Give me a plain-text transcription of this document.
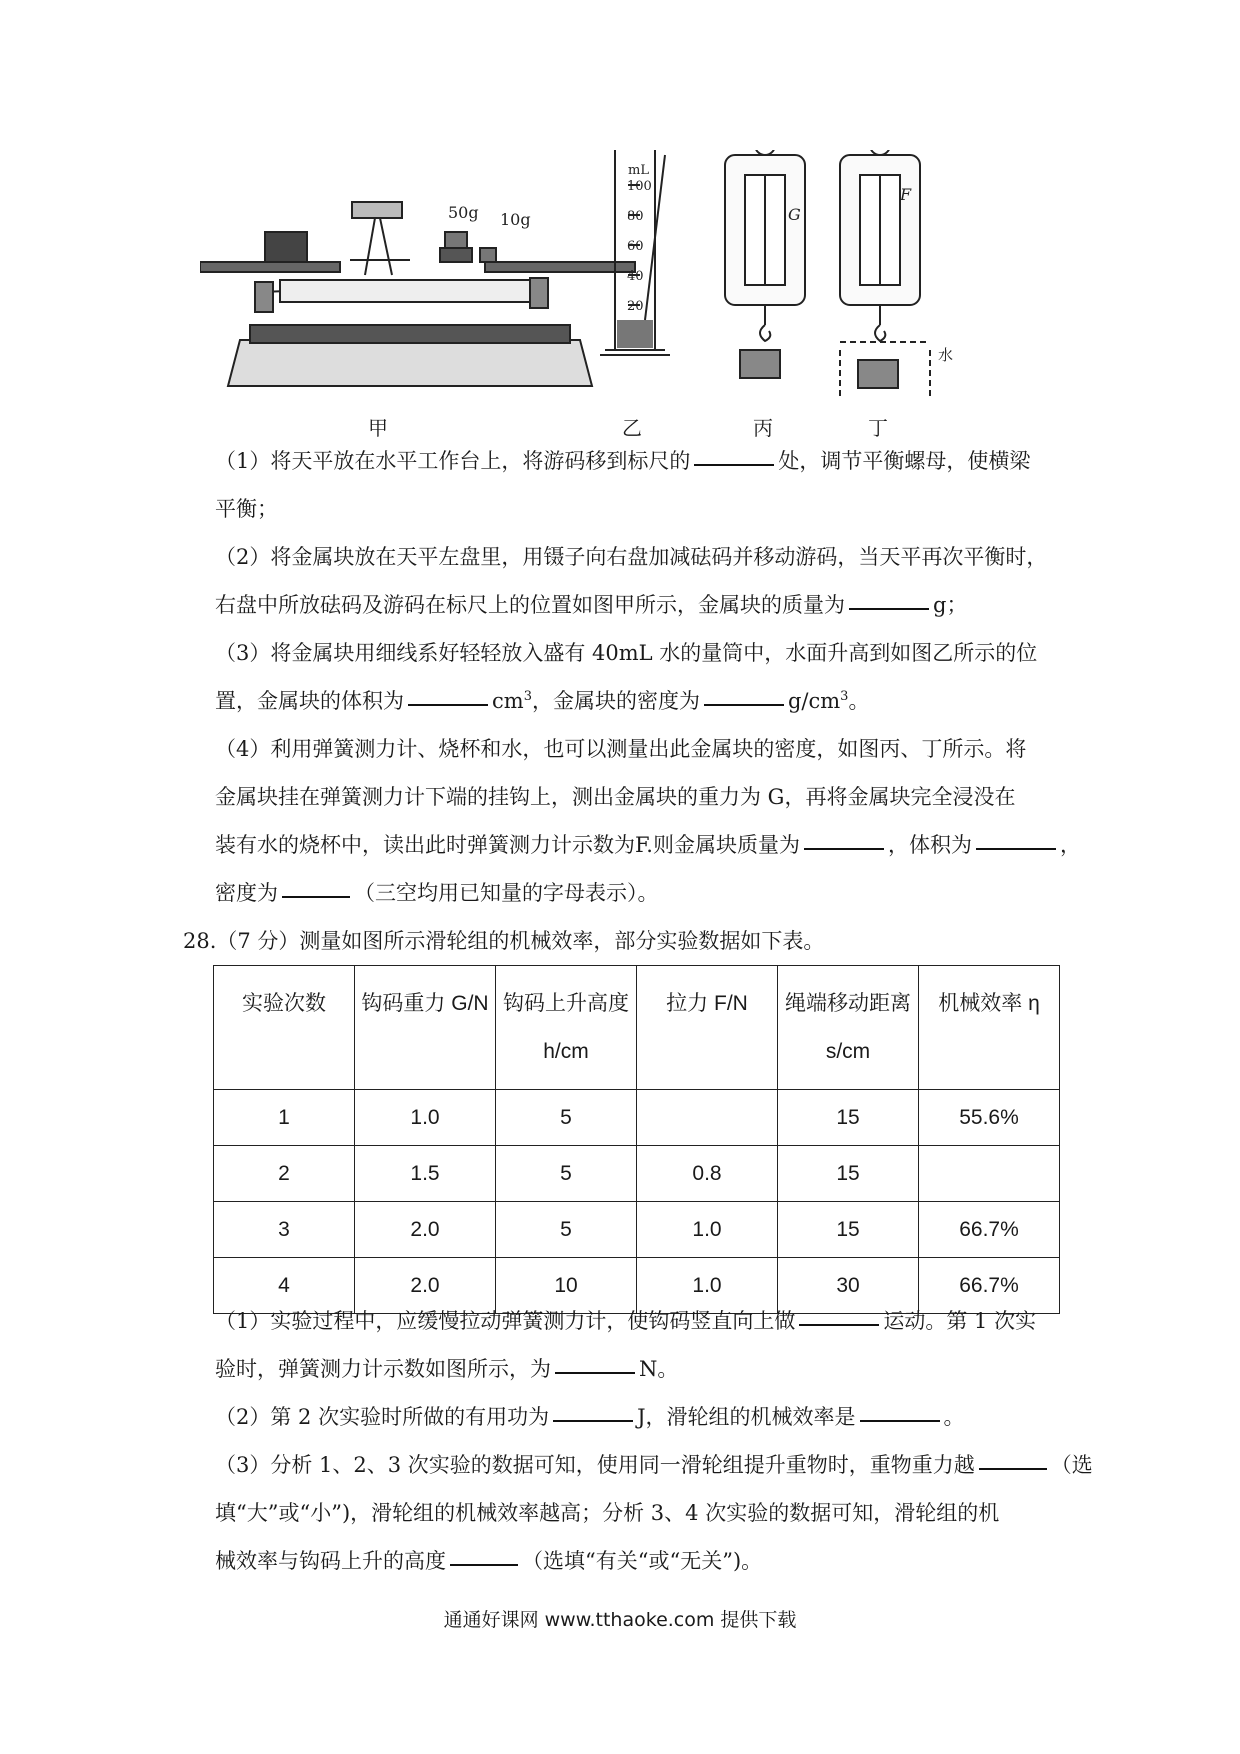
50g 10g
mL
100
80
60
40
20
G
F
水
甲	乙	丙	丁
（1）将天平放在水平工作台上，将游码移到标尺的	处，调节平衡螺母，使横梁
平衡；
（2）将金属块放在天平左盘里，用镊子向右盘加减砝码并移动游码，当天平再次平衡时，
右盘中所放砝码及游码在标尺上的位置如图甲所示，金属块的质量为	g；
（3）将金属块用细线系好轻轻放入盛有 40mL 水的量筒中，水面升高到如图乙所示的位
置，金属块的体积为	$cm^3$，金属块的密度为	$g/cm^3$。
（4）利用弹簧测力计、烧杯和水，也可以测量出此金属块的密度，如图丙、丁所示。将
金属块挂在弹簧测力计下端的挂钩上，测出金属块的重力为 G，再将金属块完全浸没在
装有水的烧杯中，读出此时弹簧测力计示数为F.则金属块质量为	，体积为	，
密度为	（三空均用已知量的字母表示）。
28.（7 分）测量如图所示滑轮组的机械效率，部分实验数据如下表。
实验次数	钩码重力 G/N	钩码上升高度 h/cm	拉力 F/N	绳端移动距离 s/cm	机械效率 η
1	1.0	5		15	55.6%
2	1.5	5	0.8	15	
3	2.0	5	1.0	15	66.7%
4	2.0	10	1.0	30	66.7%
（1）实验过程中，应缓慢拉动弹簧测力计，使钩码竖直向上做	运动。第 1 次实
验时，弹簧测力计示数如图所示，为	N。
（2）第 2 次实验时所做的有用功为	J，滑轮组的机械效率是	。
（3）分析 1、2、3 次实验的数据可知，使用同一滑轮组提升重物时，重物重力越	（选
填“大”或“小”)，滑轮组的机械效率越高；分析 3、4 次实验的数据可知，滑轮组的机
械效率与钩码上升的高度	（选填“有关“或“无关”)。
通通好课网 www.tthaoke.com 提供下载
